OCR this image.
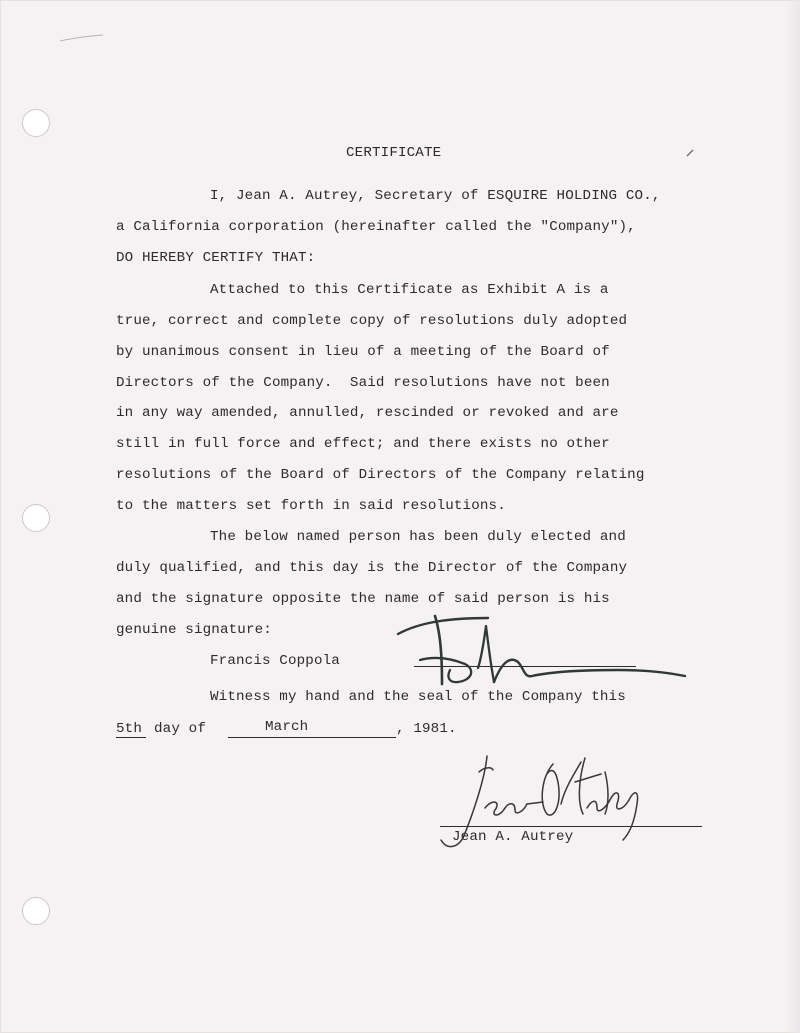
CERTIFICATE

I, Jean A. Autrey, Secretary of ESQUIRE HOLDING CO.,

a California corporation (hereinafter called the "Company"),

DO HEREBY CERTIFY THAT:

Attached to this Certificate as Exhibit A is a

true, correct and complete copy of resolutions duly adopted

by unanimous consent in lieu of a meeting of the Board of

Directors of the Company.  Said resolutions have not been

in any way amended, annulled, rescinded or revoked and are

still in full force and effect; and there exists no other

resolutions of the Board of Directors of the Company relating

to the matters set forth in said resolutions.

The below named person has been duly elected and

duly qualified, and this day is the Director of the Company

and the signature opposite the name of said person is his

genuine signature:

Francis Coppola

Witness my hand and the seal of the Company this

5th day of	March	, 1981.

Jean A. Autrey
